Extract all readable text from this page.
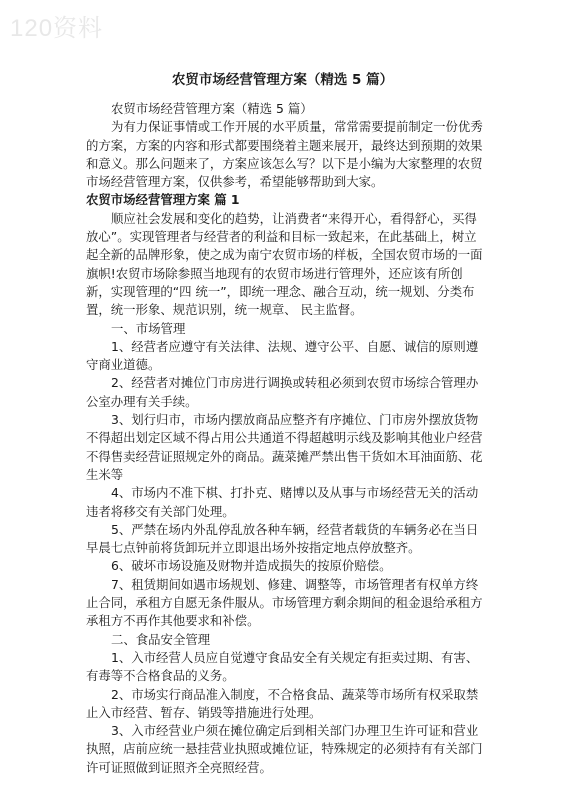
120资料
农贸市场经营管理方案（精选 5 篇）

农贸市场经营管理方案（精选 5 篇）

为有力保证事情或工作开展的水平质量，常常需要提前制定一份优秀的方案，方案的内容和形式都要围绕着主题来展开，最终达到预期的效果和意义。那么问题来了，方案应该怎么写？以下是小编为大家整理的农贸市场经营管理方案，仅供参考，希望能够帮助到大家。

农贸市场经营管理方案 篇 1

顺应社会发展和变化的趋势，让消费者“来得开心，看得舒心，买得放心”。实现管理者与经营者的利益和目标一致起来，在此基础上，树立起全新的品牌形象，使之成为南宁农贸市场的样板，全国农贸市场的一面旗帜!农贸市场除参照当地现有的农贸市场进行管理外，还应该有所创新，实现管理的“四 统一”，即统一理念、融合互动，统一规划、分类布置，统一形象、规范识别，统一规章、 民主监督。

一、市场管理

1、经营者应遵守有关法律、法规、遵守公平、自愿、诚信的原则遵守商业道德。

2、经营者对摊位门市房进行调换或转租必须到农贸市场综合管理办公室办理有关手续。

3、划行归市，市场内摆放商品应整齐有序摊位、门市房外摆放货物不得超出划定区域不得占用公共通道不得超越明示线及影响其他业户经营不得售卖经营证照规定外的商品。蔬菜摊严禁出售干货如木耳油面筋、花生米等

4、市场内不准下棋、打扑克、赌博以及从事与市场经营无关的活动违者将移交有关部门处理。

5、严禁在场内外乱停乱放各种车辆，经营者载货的车辆务必在当日早晨七点钟前将货卸玩并立即退出场外按指定地点停放整齐。

6、破坏市场设施及财物并造成损失的按原价赔偿。

7、租赁期间如遇市场规划、修建、调整等，市场管理者有权单方终止合同，承租方自愿无条件服从。市场管理方剩余期间的租金退给承租方承租方不再作其他要求和补偿。

二、食品安全管理

1、入市经营人员应自觉遵守食品安全有关规定有拒卖过期、有害、有毒等不合格食品的义务。

2、市场实行商品准入制度，不合格食品、蔬菜等市场所有权采取禁止入市经营、暂存、销毁等措施进行处理。

3、入市经营业户须在摊位确定后到相关部门办理卫生许可证和营业执照，店前应统一悬挂营业执照或摊位证，特殊规定的必须持有有关部门许可证照做到证照齐全亮照经营。
